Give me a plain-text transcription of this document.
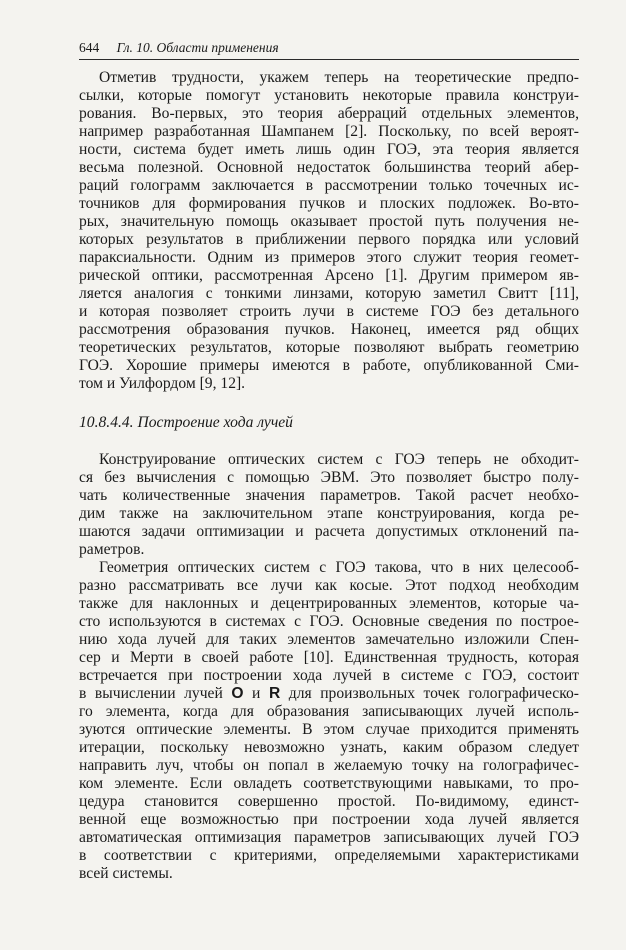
644 Гл. 10. Области применения
Отметив трудности, укажем теперь на теоретические предпо-
сылки, которые помогут установить некоторые правила конструи-
рования. Во-первых, это теория аберраций отдельных элементов,
например разработанная Шампанем [2]. Поскольку, по всей вероят-
ности, система будет иметь лишь один ГОЭ, эта теория является
весьма полезной. Основной недостаток большинства теорий абер-
раций голограмм заключается в рассмотрении только точечных ис-
точников для формирования пучков и плоских подложек. Во-вто-
рых, значительную помощь оказывает простой путь получения не-
которых результатов в приближении первого порядка или условий
параксиальности. Одним из примеров этого служит теория геомет-
рической оптики, рассмотренная Арсено [1]. Другим примером яв-
ляется аналогия с тонкими линзами, которую заметил Свитт [11],
и которая позволяет строить лучи в системе ГОЭ без детального
рассмотрения образования пучков. Наконец, имеется ряд общих
теоретических результатов, которые позволяют выбрать геометрию
ГОЭ. Хорошие примеры имеются в работе, опубликованной Сми-
том и Уилфордом [9, 12].
10.8.4.4. Построение хода лучей
Конструирование оптических систем с ГОЭ теперь не обходит-
ся без вычисления с помощью ЭВМ. Это позволяет быстро полу-
чать количественные значения параметров. Такой расчет необхо-
дим также на заключительном этапе конструирования, когда ре-
шаются задачи оптимизации и расчета допустимых отклонений па-
раметров.
Геометрия оптических систем с ГОЭ такова, что в них целесооб-
разно рассматривать все лучи как косые. Этот подход необходим
также для наклонных и децентрированных элементов, которые ча-
сто используются в системах с ГОЭ. Основные сведения по построе-
нию хода лучей для таких элементов замечательно изложили Спен-
сер и Мерти в своей работе [10]. Единственная трудность, которая
встречается при построении хода лучей в системе с ГОЭ, состоит
в вычислении лучей O и R для произвольных точек голографическо-
го элемента, когда для образования записывающих лучей исполь-
зуются оптические элементы. В этом случае приходится применять
итерации, поскольку невозможно узнать, каким образом следует
направить луч, чтобы он попал в желаемую точку на голографичес-
ком элементе. Если овладеть соответствующими навыками, то про-
цедура становится совершенно простой. По-видимому, единст-
венной еще возможностью при построении хода лучей является
автоматическая оптимизация параметров записывающих лучей ГОЭ
в соответствии с критериями, определяемыми характеристиками
всей системы.
